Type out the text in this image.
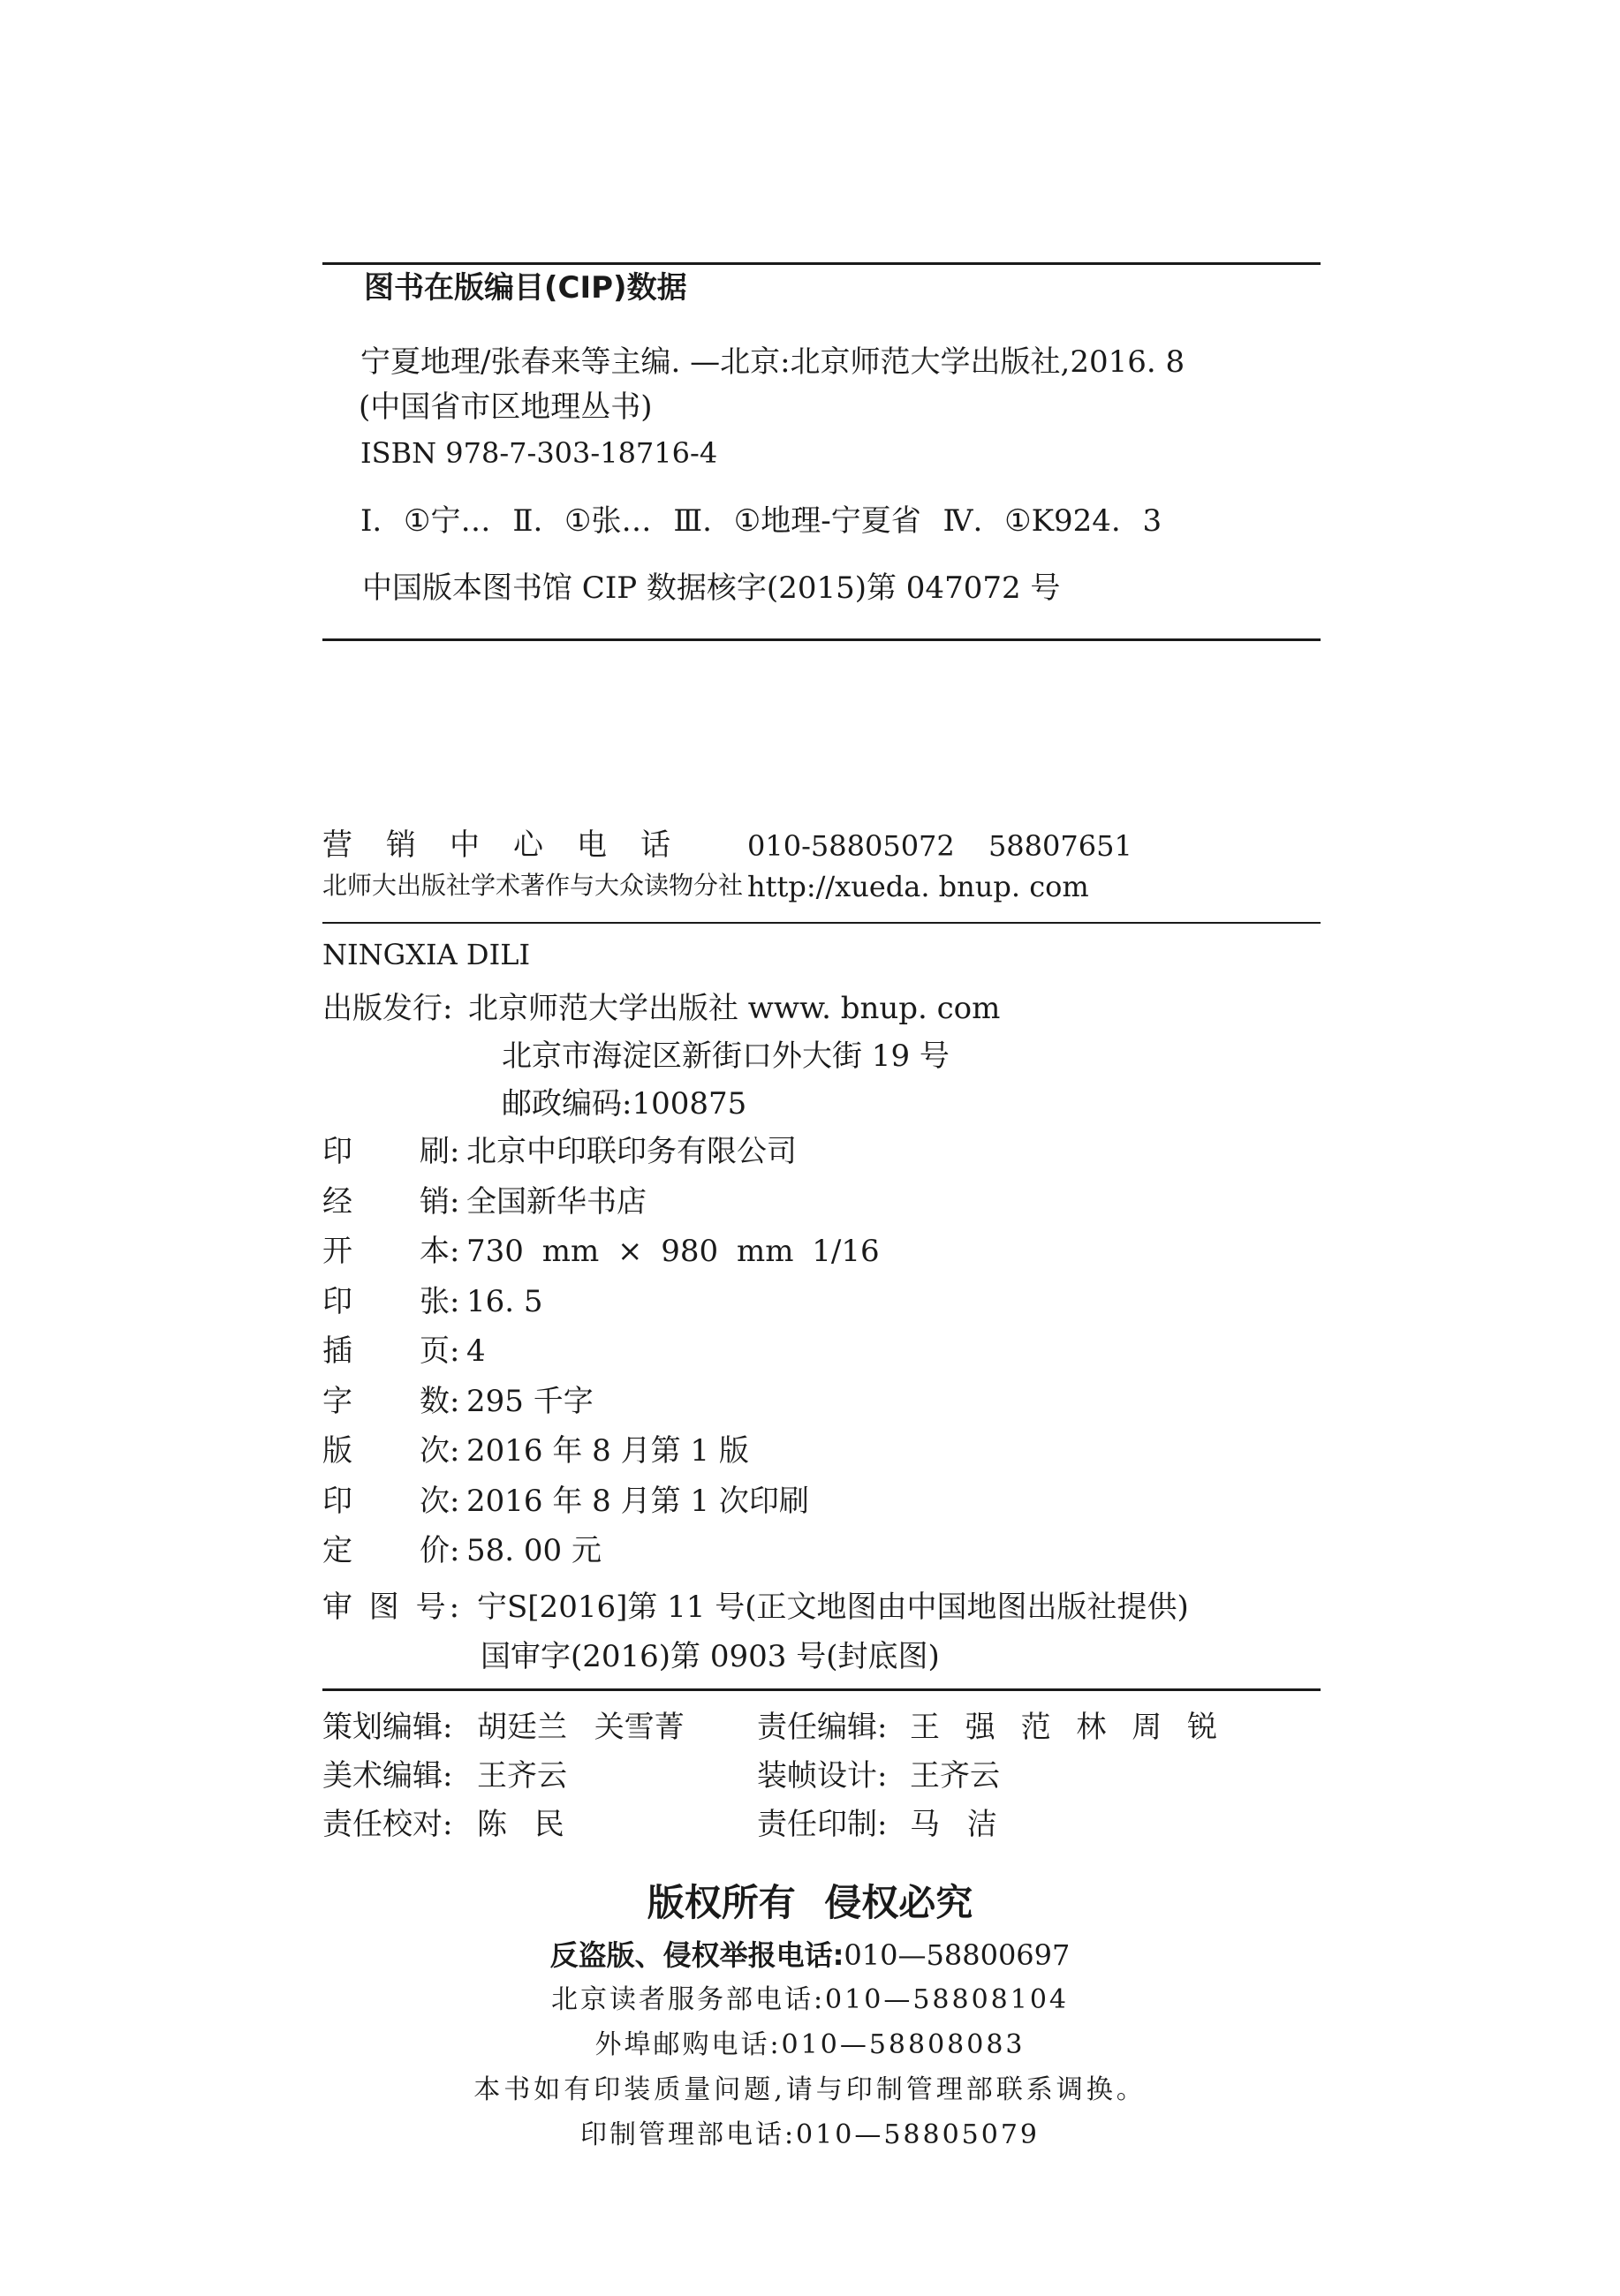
图书在版编目(CIP)数据
宁夏地理/张春来等主编. —北京:北京师范大学出版社,2016. 8
(中国省市区地理丛书)
ISBN 978-7-303-18716-4
Ⅰ. ①宁… Ⅱ. ①张… Ⅲ. ①地理-宁夏省 Ⅳ. ①K924. 3
中国版本图书馆 CIP 数据核字(2015)第 047072 号
营销中心电话 010-58805072 58807651
北师大出版社学术著作与大众读物分社 http://xueda. bnup. com
NINGXIA DILI
出版发行: 北京师范大学出版社 www. bnup. com
北京市海淀区新街口外大街 19 号
邮政编码:100875
印 刷: 北京中印联印务有限公司
经 销: 全国新华书店
开 本: 730 mm × 980 mm 1/16
印 张: 16. 5
插 页: 4
字 数: 295 千字
版 次: 2016 年 8 月第 1 版
印 次: 2016 年 8 月第 1 次印刷
定 价: 58. 00 元
审 图 号: 宁S[2016]第 11 号(正文地图由中国地图出版社提供)
国审字(2016)第 0903 号(封底图)
策划编辑: 胡廷兰 关雪菁 责任编辑: 王 强 范 林 周 锐
美术编辑: 王齐云	装帧设计: 王齐云
责任校对: 陈 民	责任印制: 马 洁
版权所有 侵权必究
反盗版、侵权举报电话:010—58800697
北京读者服务部电话:010—58808104
外埠邮购电话:010—58808083
本书如有印装质量问题,请与印制管理部联系调换。
印制管理部电话:010—58805079
